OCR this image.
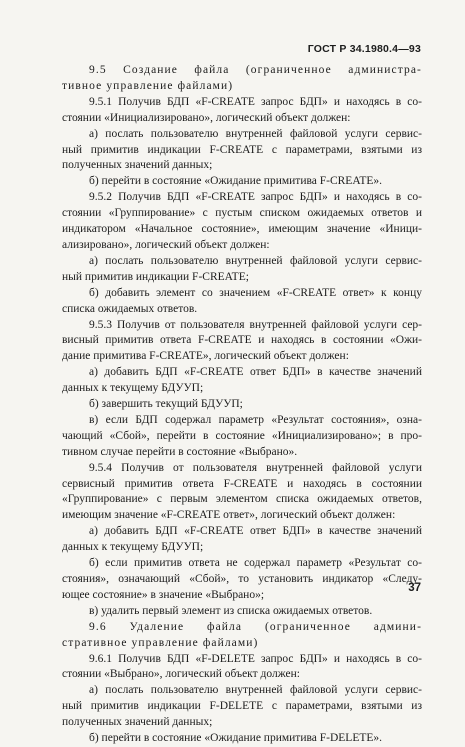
ГОСТ Р 34.1980.4—93
9.5 Создание файла (ограниченное администра-
тивное управление файлами)
9.5.1 Получив БДП «F-CREATE запрос БДП» и находясь в со-
стоянии «Инициализировано», логический объект должен:
а) послать пользователю внутренней файловой услуги сервис-
ный примитив индикации F-CREATE с параметрами, взятыми из
полученных значений данных;
б) перейти в состояние «Ожидание примитива F-CREATE».
9.5.2 Получив БДП «F-CREATE запрос БДП» и находясь в со-
стоянии «Группирование» с пустым списком ожидаемых ответов и
индикатором «Начальное состояние», имеющим значение «Иници-
ализировано», логический объект должен:
а) послать пользователю внутренней файловой услуги сервис-
ный примитив индикации F-CREATE;
б) добавить элемент со значением «F-CREATE ответ» к концу
списка ожидаемых ответов.
9.5.3 Получив от пользователя внутренней файловой услуги сер-
висный примитив ответа F-CREATE и находясь в состоянии «Ожи-
дание примитива F-CREATE», логический объект должен:
а) добавить БДП «F-CREATE ответ БДП» в качестве значений
данных к текущему БДУУП;
б) завершить текущий БДУУП;
в) если БДП содержал параметр «Результат состояния», озна-
чающий «Сбой», перейти в состояние «Инициализировано»; в про-
тивном случае перейти в состояние «Выбрано».
9.5.4 Получив от пользователя внутренней файловой услуги
сервисный примитив ответа F-CREATE и находясь в состоянии
«Группирование» с первым элементом списка ожидаемых ответов,
имеющим значение «F-CREATE ответ», логический объект должен:
а) добавить БДП «F-CREATE ответ БДП» в качестве значений
данных к текущему БДУУП;
б) если примитив ответа не содержал параметр «Результат со-
стояния», означающий «Сбой», то установить индикатор «Следу-
ющее состояние» в значение «Выбрано»;
в) удалить первый элемент из списка ожидаемых ответов.
9.6 Удаление файла (ограниченное админи-
стративное управление файлами)
9.6.1 Получив БДП «F-DELETE запрос БДП» и находясь в со-
стоянии «Выбрано», логический объект должен:
а) послать пользователю внутренней файловой услуги сервис-
ный примитив индикации F-DELETE с параметрами, взятыми из
полученных значений данных;
б) перейти в состояние «Ожидание примитива F-DELETE».
37
